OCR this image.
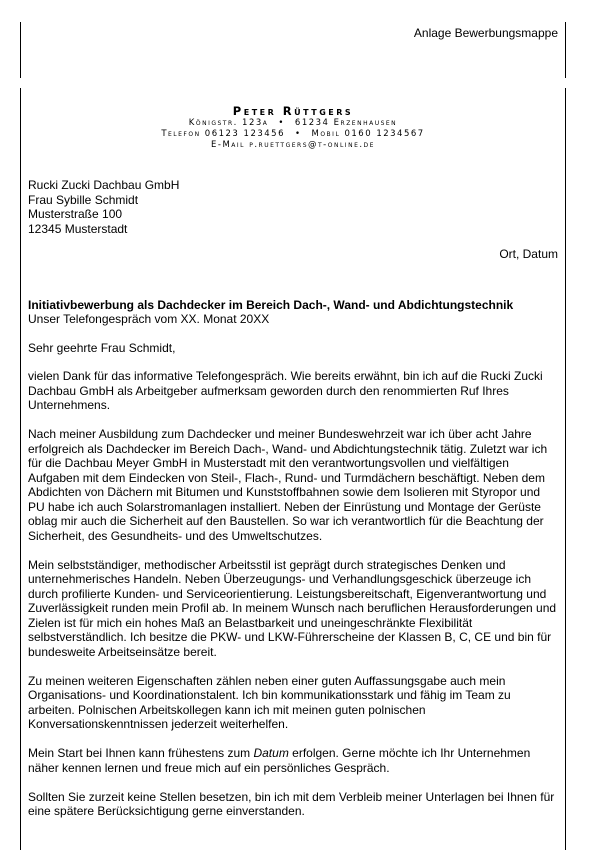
Anlage Bewerbungsmappe
Peter Rüttgers
Königstr. 123a • 61234 Erzenhausen
Telefon 06123 123456 • Mobil 0160 1234567
E-Mail p.ruettgers@t-online.de
Rucki Zucki Dachbau GmbH
Frau Sybille Schmidt
Musterstraße 100
12345 Musterstadt
Ort, Datum
Initiativbewerbung als Dachdecker im Bereich Dach-, Wand- und Abdichtungstechnik
Unser Telefongespräch vom XX. Monat 20XX
Sehr geehrte Frau Schmidt,

vielen Dank für das informative Telefongespräch. Wie bereits erwähnt, bin ich auf die Rucki Zucki Dachbau GmbH als Arbeitgeber aufmerksam geworden durch den renommierten Ruf Ihres Unternehmens.

Nach meiner Ausbildung zum Dachdecker und meiner Bundeswehrzeit war ich über acht Jahre erfolgreich als Dachdecker im Bereich Dach-, Wand- und Abdichtungstechnik tätig. Zuletzt war ich für die Dachbau Meyer GmbH in Musterstadt mit den verantwortungsvollen und vielfältigen Aufgaben mit dem Eindecken von Steil-, Flach-, Rund- und Turmdächern beschäftigt. Neben dem Abdichten von Dächern mit Bitumen und Kunststoffbahnen sowie dem Isolieren mit Styropor und PU habe ich auch Solarstromanlagen installiert. Neben der Einrüstung und Montage der Gerüste oblag mir auch die Sicherheit auf den Baustellen. So war ich verantwortlich für die Beachtung der Sicherheit, des Gesundheits- und des Umweltschutzes.

Mein selbstständiger, methodischer Arbeitsstil ist geprägt durch strategisches Denken und unternehmerisches Handeln. Neben Überzeugungs- und Verhandlungsgeschick überzeuge ich durch profilierte Kunden- und Serviceorientierung. Leistungsbereitschaft, Eigenverantwortung und Zuverlässigkeit runden mein Profil ab. In meinem Wunsch nach beruflichen Herausforderungen und Zielen ist für mich ein hohes Maß an Belastbarkeit und uneingeschränkte Flexibilität selbstverständlich. Ich besitze die PKW- und LKW-Führerscheine der Klassen B, C, CE und bin für bundesweite Arbeitseinsätze bereit.

Zu meinen weiteren Eigenschaften zählen neben einer guten Auffassungsgabe auch mein Organisations- und Koordinationstalent. Ich bin kommunikationsstark und fähig im Team zu arbeiten. Polnischen Arbeitskollegen kann ich mit meinen guten polnischen Konversationskenntnissen jederzeit weiterhelfen.

Mein Start bei Ihnen kann frühestens zum Datum erfolgen. Gerne möchte ich Ihr Unternehmen näher kennen lernen und freue mich auf ein persönliches Gespräch.

Sollten Sie zurzeit keine Stellen besetzen, bin ich mit dem Verbleib meiner Unterlagen bei Ihnen für eine spätere Berücksichtigung gerne einverstanden.
